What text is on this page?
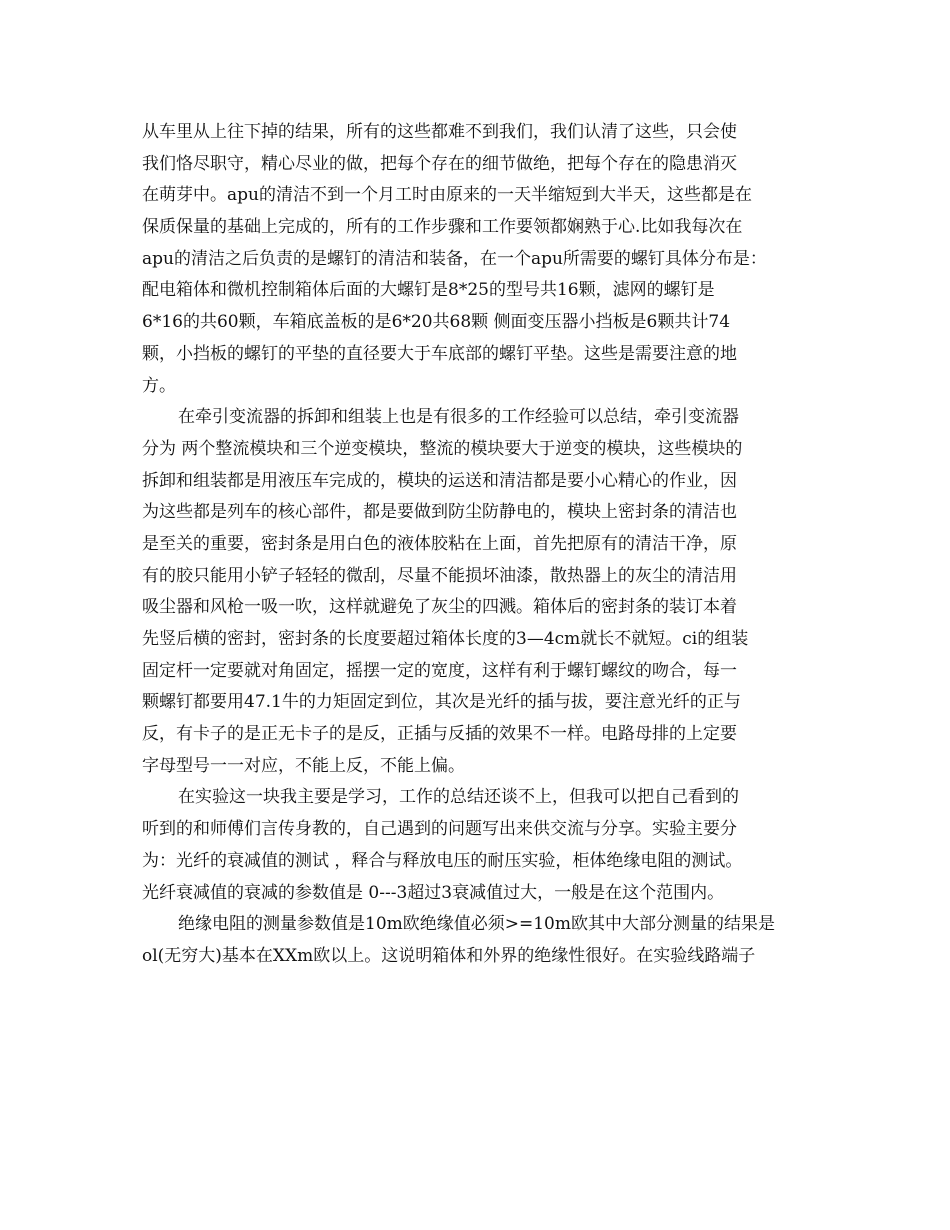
从车里从上往下掉的结果，所有的这些都难不到我们，我们认清了这些，只会使
我们恪尽职守，精心尽业的做，把每个存在的细节做绝，把每个存在的隐患消灭
在萌芽中。apu的清洁不到一个月工时由原来的一天半缩短到大半天，这些都是在
保质保量的基础上完成的，所有的工作步骤和工作要领都娴熟于心.比如我每次在
apu的清洁之后负责的是螺钉的清洁和装备，在一个apu所需要的螺钉具体分布是：
配电箱体和微机控制箱体后面的大螺钉是8*25的型号共16颗，滤网的螺钉是
6*16的共60颗，车箱底盖板的是6*20共68颗 侧面变压器小挡板是6颗共计74
颗，小挡板的螺钉的平垫的直径要大于车底部的螺钉平垫。这些是需要注意的地
方。
在牵引变流器的拆卸和组装上也是有很多的工作经验可以总结，牵引变流器
分为 两个整流模块和三个逆变模块，整流的模块要大于逆变的模块，这些模块的
拆卸和组装都是用液压车完成的，模块的运送和清洁都是要小心精心的作业，因
为这些都是列车的核心部件，都是要做到防尘防静电的，模块上密封条的清洁也
是至关的重要，密封条是用白色的液体胶粘在上面，首先把原有的清洁干净，原
有的胶只能用小铲子轻轻的微刮，尽量不能损坏油漆，散热器上的灰尘的清洁用
吸尘器和风枪一吸一吹，这样就避免了灰尘的四溅。箱体后的密封条的装订本着
先竖后横的密封，密封条的长度要超过箱体长度的3—4cm就长不就短。ci的组装
固定杆一定要就对角固定，摇摆一定的宽度，这样有利于螺钉螺纹的吻合，每一
颗螺钉都要用47.1牛的力矩固定到位，其次是光纤的插与拔，要注意光纤的正与
反，有卡子的是正无卡子的是反，正插与反插的效果不一样。电路母排的上定要
字母型号一一对应，不能上反，不能上偏。
在实验这一块我主要是学习，工作的总结还谈不上，但我可以把自己看到的
听到的和师傅们言传身教的，自己遇到的问题写出来供交流与分享。实验主要分
为：光纤的衰减值的测试 ，释合与释放电压的耐压实验，柜体绝缘电阻的测试。
光纤衰减值的衰减的参数值是 0---3超过3衰减值过大，一般是在这个范围内。
绝缘电阻的测量参数值是10m欧绝缘值必须>=10m欧其中大部分测量的结果是
ol(无穷大)基本在XXm欧以上。这说明箱体和外界的绝缘性很好。在实验线路端子
